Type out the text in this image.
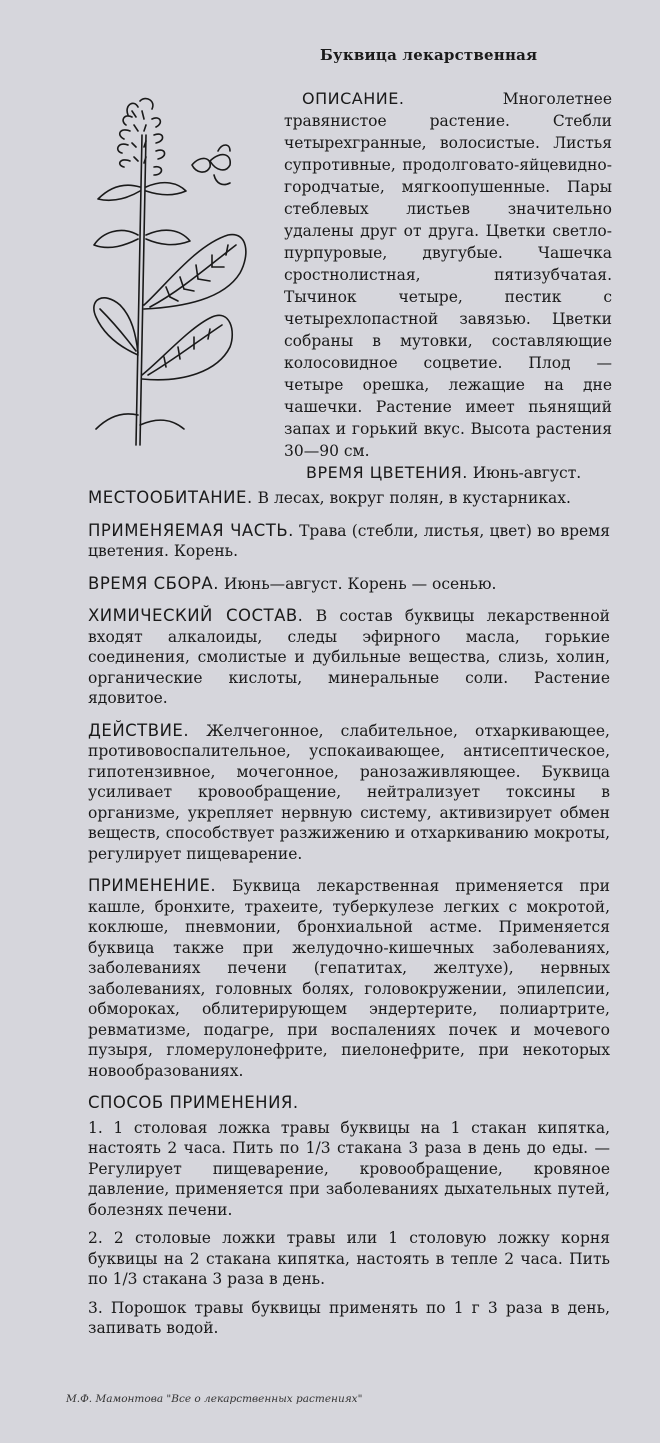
Буквица лекарственная
ОПИСАНИЕ.	Многолетнее травянистое растение. Стебли четырехгранные, волосистые. Листья супротивные, продолговато-яйцевидно-городчатые, мягкоопушенные. Пары стеблевых листьев значительно удалены друг от друга. Цветки светло-пурпуровые, двугубые. Чашечка сростнолистная, пятизубчатая. Тычинок четыре, пестик с четырехлопастной завязью. Цветки собраны в мутовки, составляющие колосовидное соцветие. Плод — четыре орешка, лежащие на дне чашечки. Растение имеет пьянящий запах и горький вкус. Высота растения 30—90 см.
ВРЕМЯ ЦВЕТЕНИЯ. Июнь-август.

МЕСТООБИТАНИЕ. В лесах, вокруг полян, в кустарниках.

ПРИМЕНЯЕМАЯ ЧАСТЬ. Трава (стебли, листья, цвет) во время цветения. Корень.

ВРЕМЯ СБОРА. Июнь—август. Корень — осенью.

ХИМИЧЕСКИЙ СОСТАВ. В состав буквицы лекарственной входят алкалоиды, следы эфирного масла, горькие соединения, смолистые и дубильные вещества, слизь, холин, органические кислоты, минеральные соли. Растение ядовитое.

ДЕЙСТВИЕ. Желчегонное, слабительное, отхаркивающее, противовоспалительное, успокаивающее, антисептическое, гипотензивное, мочегонное, ранозаживляющее. Буквица усиливает кровообращение, нейтрализует токсины в организме, укрепляет нервную систему, активизирует обмен веществ, способствует разжижению и отхаркиванию мокроты, регулирует пищеварение.

ПРИМЕНЕНИЕ. Буквица лекарственная применяется при кашле, бронхите, трахеите, туберкулезе легких с мокротой, коклюше, пневмонии, бронхиальной астме. Применяется буквица также при желудочно-кишечных заболеваниях, заболеваниях печени (гепатитах, желтухе), нервных заболеваниях, головных болях, головокружении, эпилепсии, обмороках, облитерирующем эндертерите, полиартрите, ревматизме, подагре, при воспалениях почек и мочевого пузыря, гломерулонефрите, пиелонефрите, при некоторых новообразованиях.

СПОСОБ ПРИМЕНЕНИЯ.

1. 1 столовая ложка травы буквицы на 1 стакан кипятка, настоять 2 часа. Пить по 1/3 стакана 3 раза в день до еды. — Регулирует пищеварение, кровообращение, кровяное давление, применяется при заболеваниях дыхательных путей, болезнях печени.

2. 2 столовые ложки травы или 1 столовую ложку корня буквицы на 2 стакана кипятка, настоять в тепле 2 часа. Пить по 1/3 стакана 3 раза в день.

3. Порошок травы буквицы применять по 1 г 3 раза в день, запивать водой.

М.Ф. Мамонтова "Все о лекарственных растениях"
